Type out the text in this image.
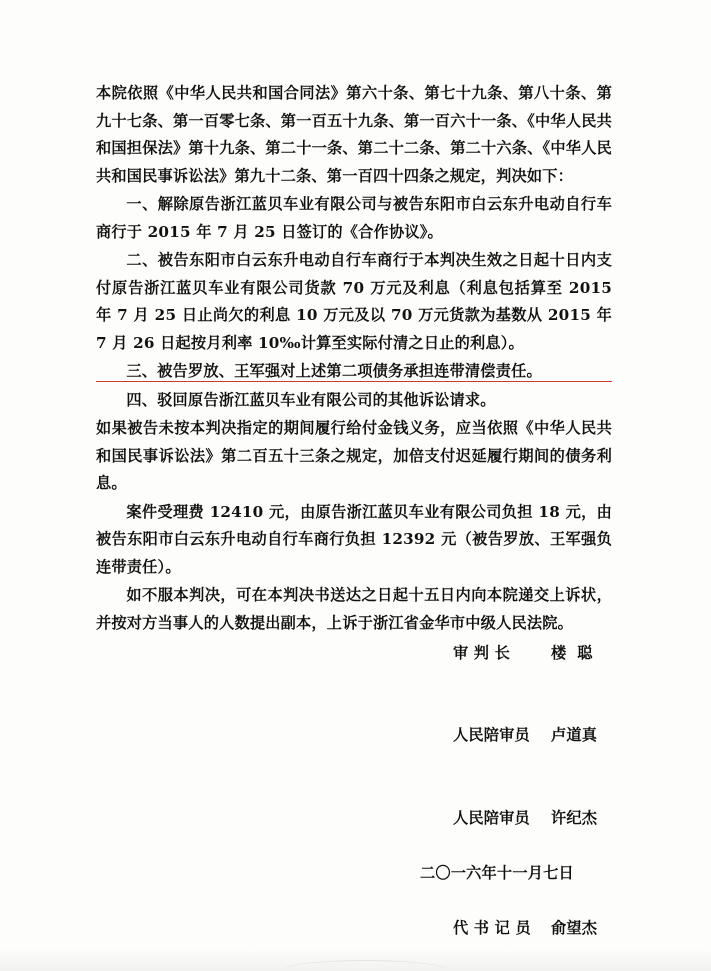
本院依照《中华人民共和国合同法》第六十条、第七十九条、第八十条、第九十七条、第一百零七条、第一百五十九条、第一百六十一条、《中华人民共和国担保法》第十九条、第二十一条、第二十二条、第二十六条、《中华人民共和国民事诉讼法》第九十二条、第一百四十四条之规定，判决如下：

一、解除原告浙江蓝贝车业有限公司与被告东阳市白云东升电动自行车商行于 2015 年 7 月 25 日签订的《合作协议》。

二、被告东阳市白云东升电动自行车商行于本判决生效之日起十日内支付原告浙江蓝贝车业有限公司货款 70 万元及利息（利息包括算至 2015 年 7 月 25 日止尚欠的利息 10 万元及以 70 万元货款为基数从 2015 年 7 月 26 日起按月利率 10‰计算至实际付清之日止的利息）。

三、被告罗放、王军强对上述第二项债务承担连带清偿责任。

四、驳回原告浙江蓝贝车业有限公司的其他诉讼请求。

如果被告未按本判决指定的期间履行给付金钱义务，应当依照《中华人民共和国民事诉讼法》第二百五十三条之规定，加倍支付迟延履行期间的债务利息。

案件受理费 12410 元，由原告浙江蓝贝车业有限公司负担 18 元，由被告东阳市白云东升电动自行车商行负担 12392 元（被告罗放、王军强负连带责任）。

如不服本判决，可在本判决书送达之日起十五日内向本院递交上诉状，并按对方当事人的人数提出副本，上诉于浙江省金华市中级人民法院。

审 判 长	楼  聪

人民陪审员 卢道真

人民陪审员 许纪杰

二〇一六年十一月七日

代 书 记 员 俞望杰
